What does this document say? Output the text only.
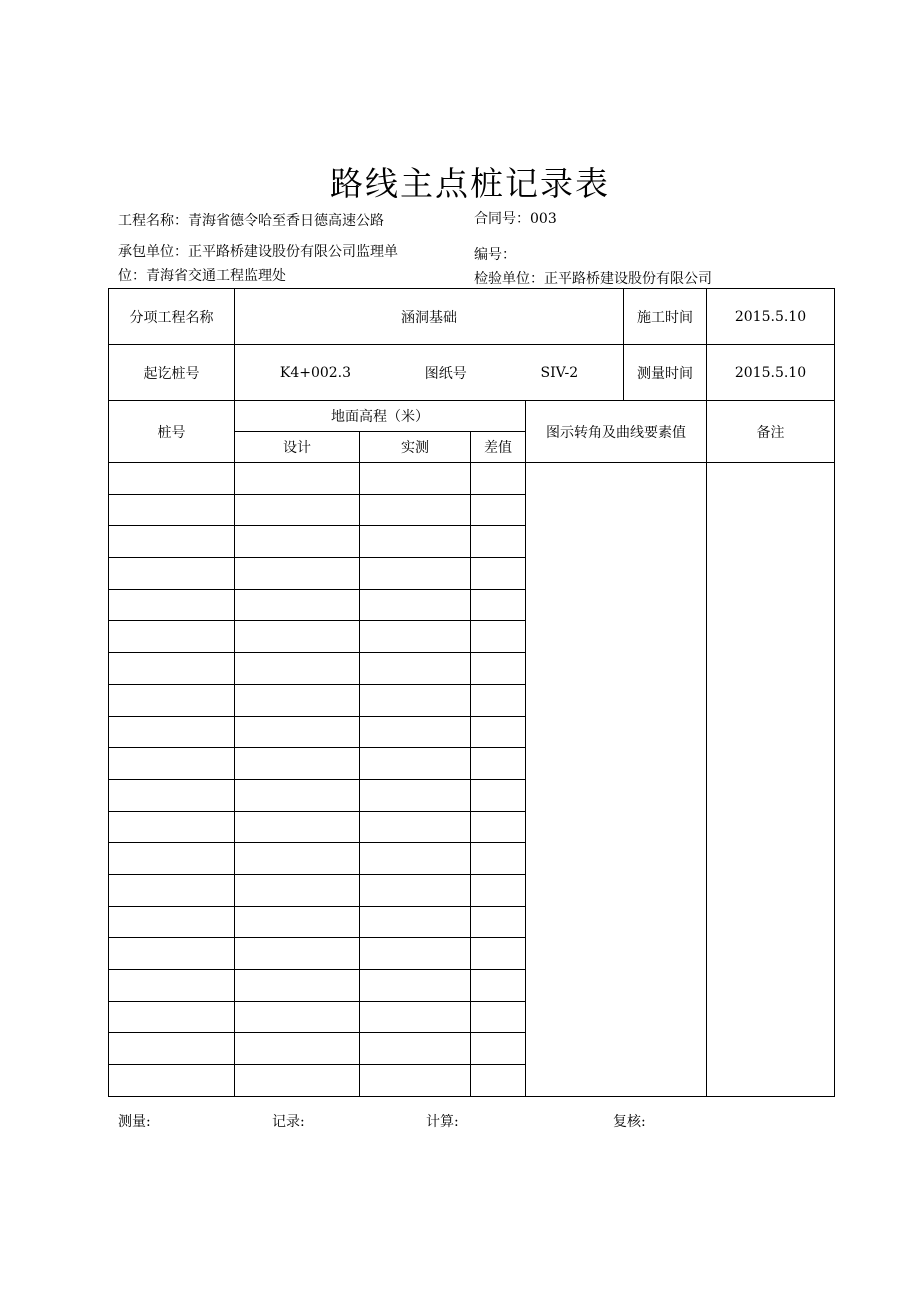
路线主点桩记录表
工程名称：青海省德令哈至香日德高速公路	合同号：003
承包单位：正平路桥建设股份有限公司监理单	编号：
位：青海省交通工程监理处	检验单位：正平路桥建设股份有限公司
分项工程名称	涵洞基础				施工时间	2015.5.10
起讫桩号	K4+002.3 图纸号 SIV-2				测量时间	2015.5.10
桩号	地面高程（米）			图示转角及曲线要素值		备注
	设计	实测	差值			

测量:	记录:	计算:	复核:
